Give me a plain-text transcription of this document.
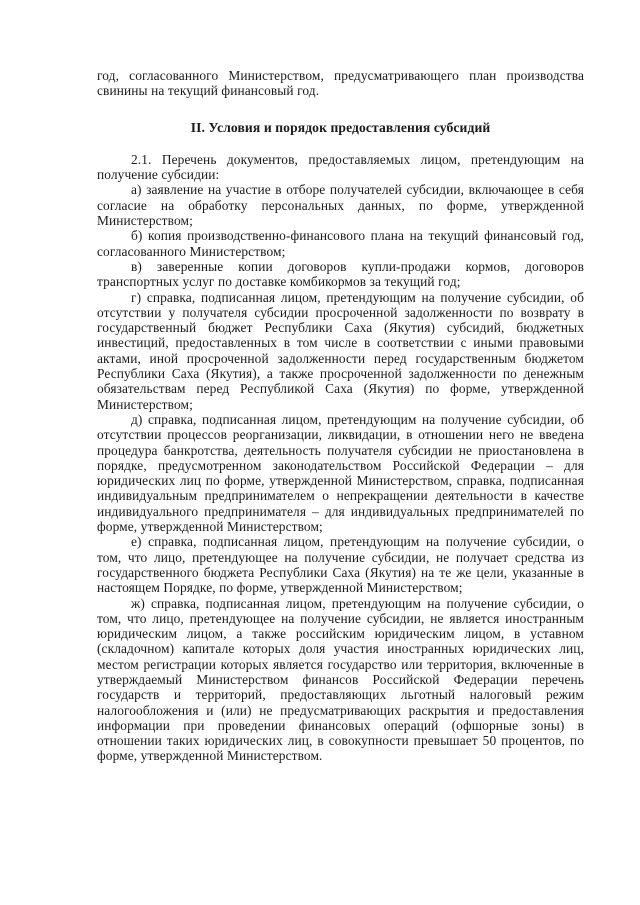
год, согласованного Министерством, предусматривающего план производства свинины на текущий финансовый год.

II. Условия и порядок предоставления субсидий

2.1. Перечень документов, предоставляемых лицом, претендующим на получение субсидии:

а) заявление на участие в отборе получателей субсидии, включающее в себя согласие на обработку персональных данных, по форме, утвержденной Министерством;

б) копия производственно-финансового плана на текущий финансовый год, согласованного Министерством;

в) заверенные копии договоров купли-продажи кормов, договоров транспортных услуг по доставке комбикормов за текущий год;

г) справка, подписанная лицом, претендующим на получение субсидии, об отсутствии у получателя субсидии просроченной задолженности по возврату в государственный бюджет Республики Саха (Якутия) субсидий, бюджетных инвестиций, предоставленных в том числе в соответствии с иными правовыми актами, иной просроченной задолженности перед государственным бюджетом Республики Саха (Якутия), а также просроченной задолженности по денежным обязательствам перед Республикой Саха (Якутия) по форме, утвержденной Министерством;

д) справка, подписанная лицом, претендующим на получение субсидии, об отсутствии процессов реорганизации, ликвидации, в отношении него не введена процедура банкротства, деятельность получателя субсидии не приостановлена в порядке, предусмотренном законодательством Российской Федерации – для юридических лиц по форме, утвержденной Министерством, справка, подписанная индивидуальным предпринимателем о непрекращении деятельности в качестве индивидуального предпринимателя – для индивидуальных предпринимателей по форме, утвержденной Министерством;

е) справка, подписанная лицом, претендующим на получение субсидии, о том, что лицо, претендующее на получение субсидии, не получает средства из государственного бюджета Республики Саха (Якутия) на те же цели, указанные в настоящем Порядке, по форме, утвержденной Министерством;

ж) справка, подписанная лицом, претендующим на получение субсидии, о том, что лицо, претендующее на получение субсидии, не является иностранным юридическим лицом, а также российским юридическим лицом, в уставном (складочном) капитале которых доля участия иностранных юридических лиц, местом регистрации которых является государство или территория, включенные в утверждаемый Министерством финансов Российской Федерации перечень государств и территорий, предоставляющих льготный налоговый режим налогообложения и (или) не предусматривающих раскрытия и предоставления информации при проведении финансовых операций (офшорные зоны) в отношении таких юридических лиц, в совокупности превышает 50 процентов, по форме, утвержденной Министерством.
